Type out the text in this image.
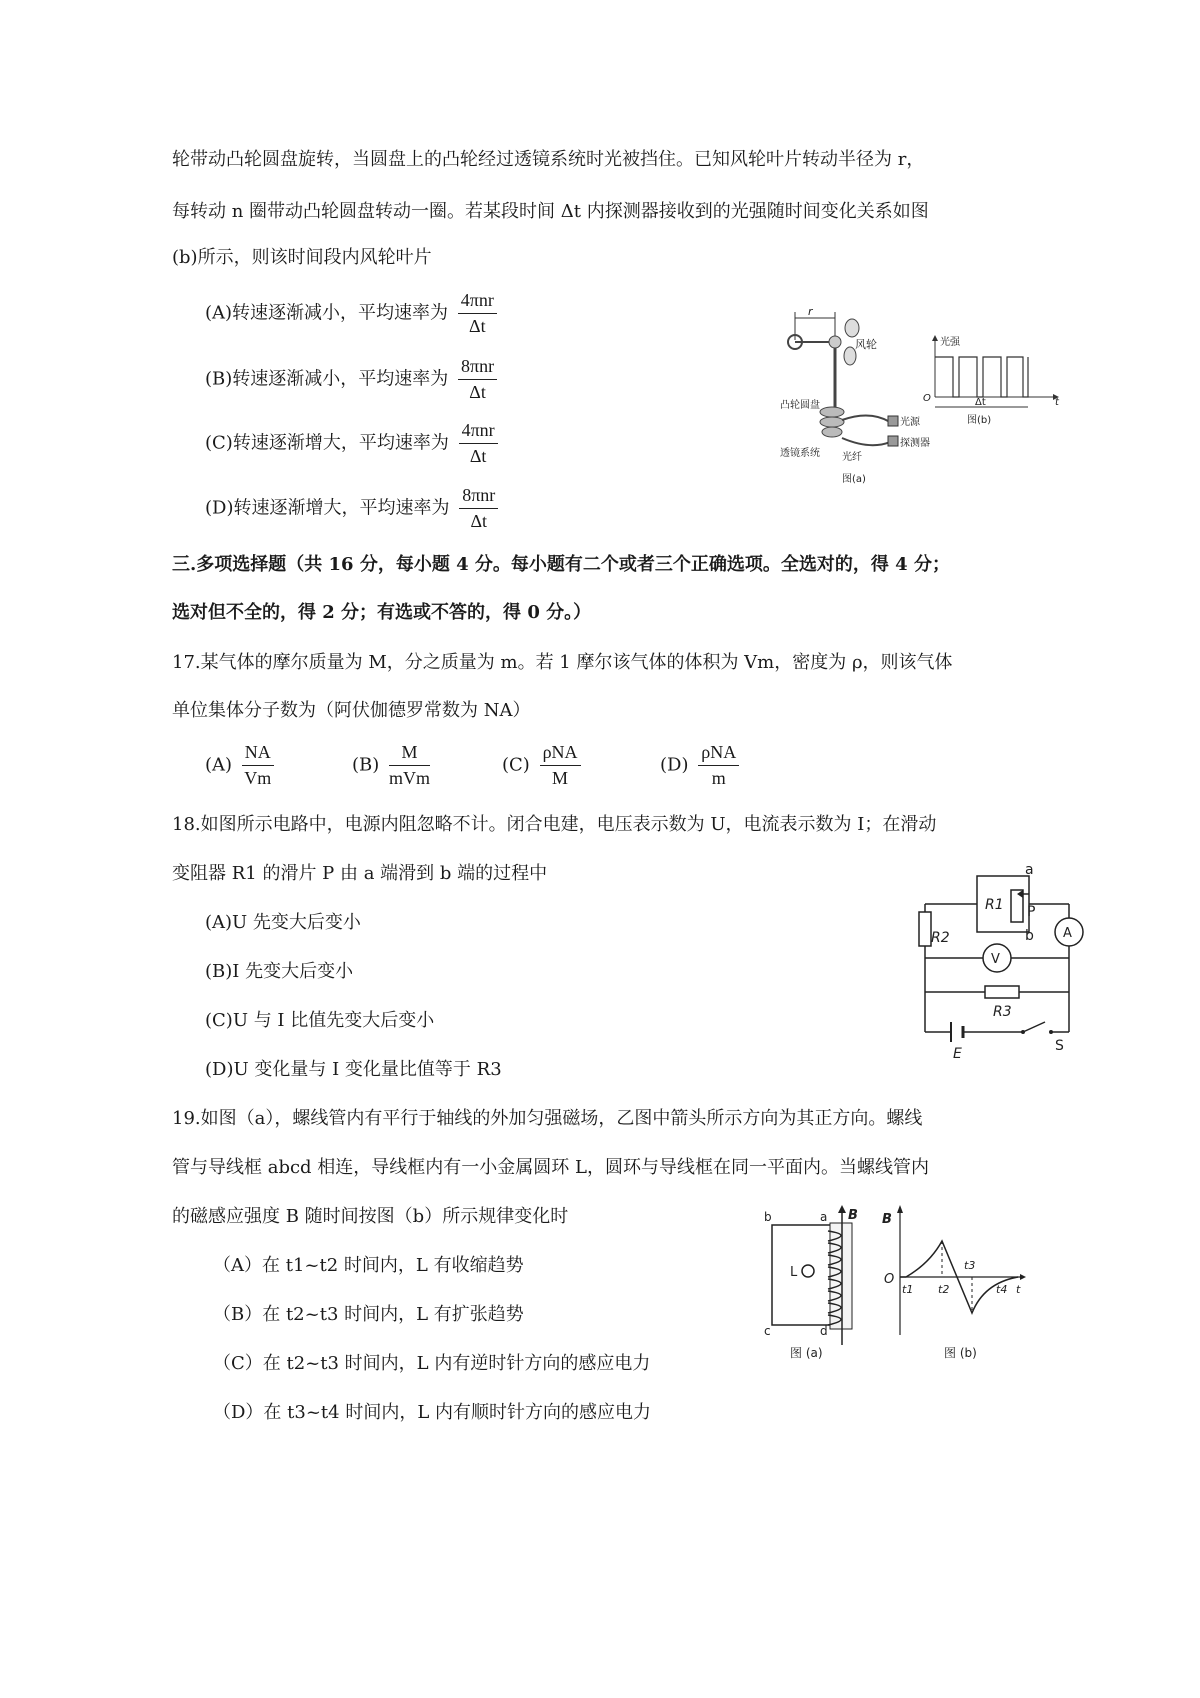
轮带动凸轮圆盘旋转，当圆盘上的凸轮经过透镜系统时光被挡住。已知风轮叶片转动半径为 r，
每转动 n 圈带动凸轮圆盘转动一圈。若某段时间 Δt 内探测器接收到的光强随时间变化关系如图
(b)所示，则该时间段内风轮叶片
(A)转速逐渐减小，平均速率为 $\frac{\text{4πnr}}{\Delta t}$
(B)转速逐渐减小，平均速率为 $\frac{\text{8πnr}}{\Delta t}$
(C)转速逐渐增大，平均速率为 $\frac{\text{4πnr}}{\Delta t}$
(D)转速逐渐增大，平均速率为 $\frac{\text{8πnr}}{\Delta t}$
r
风轮
凸轮圆盘
光源
探测器
透镜系统 光纤
图(a)
光强
O	Δt	t
图(b)
三.多项选择题（共 16 分，每小题 4 分。每小题有二个或者三个正确选项。全选对的，得 4 分；
选对但不全的，得 2 分；有选或不答的，得 0 分。）
17.某气体的摩尔质量为 M，分之质量为 m。若 1 摩尔该气体的体积为 Vm，密度为 ρ，则该气体
单位集体分子数为（阿伏伽德罗常数为 NA）
$(A) \frac{NA}{Vm}$	$(B) \frac{M}{\text{mVm}}$	$(C) \frac{\text{ρNA}}{M}$	$(D) \frac{\text{ρNA}}{m}$
18.如图所示电路中，电源内阻忽略不计。闭合电建，电压表示数为 U，电流表示数为 I；在滑动
变阻器 R1 的滑片 P 由 a 端滑到 b 端的过程中
(A)U 先变大后变小
(B)I 先变大后变小
(C)U 与 I 比值先变大后变小
(D)U 变化量与 I 变化量比值等于 R3
a
b
P
R1
R2
R3
V
A
E	S
19.如图（a），螺线管内有平行于轴线的外加匀强磁场，乙图中箭头所示方向为其正方向。螺线
管与导线框 abcd 相连，导线框内有一小金属圆环 L，圆环与导线框在同一平面内。当螺线管内
的磁感应强度 B 随时间按图（b）所示规律变化时
（A）在 t1~t2 时间内，L 有收缩趋势
（B）在 t2~t3 时间内，L 有扩张趋势
（C）在 t2~t3 时间内，L 内有逆时针方向的感应电力
（D）在 t3~t4 时间内，L 内有顺时针方向的感应电力
L
b	a
c	d
B
图 (a)
B
O
t1 t2
t3
t4 t
图 (b)
